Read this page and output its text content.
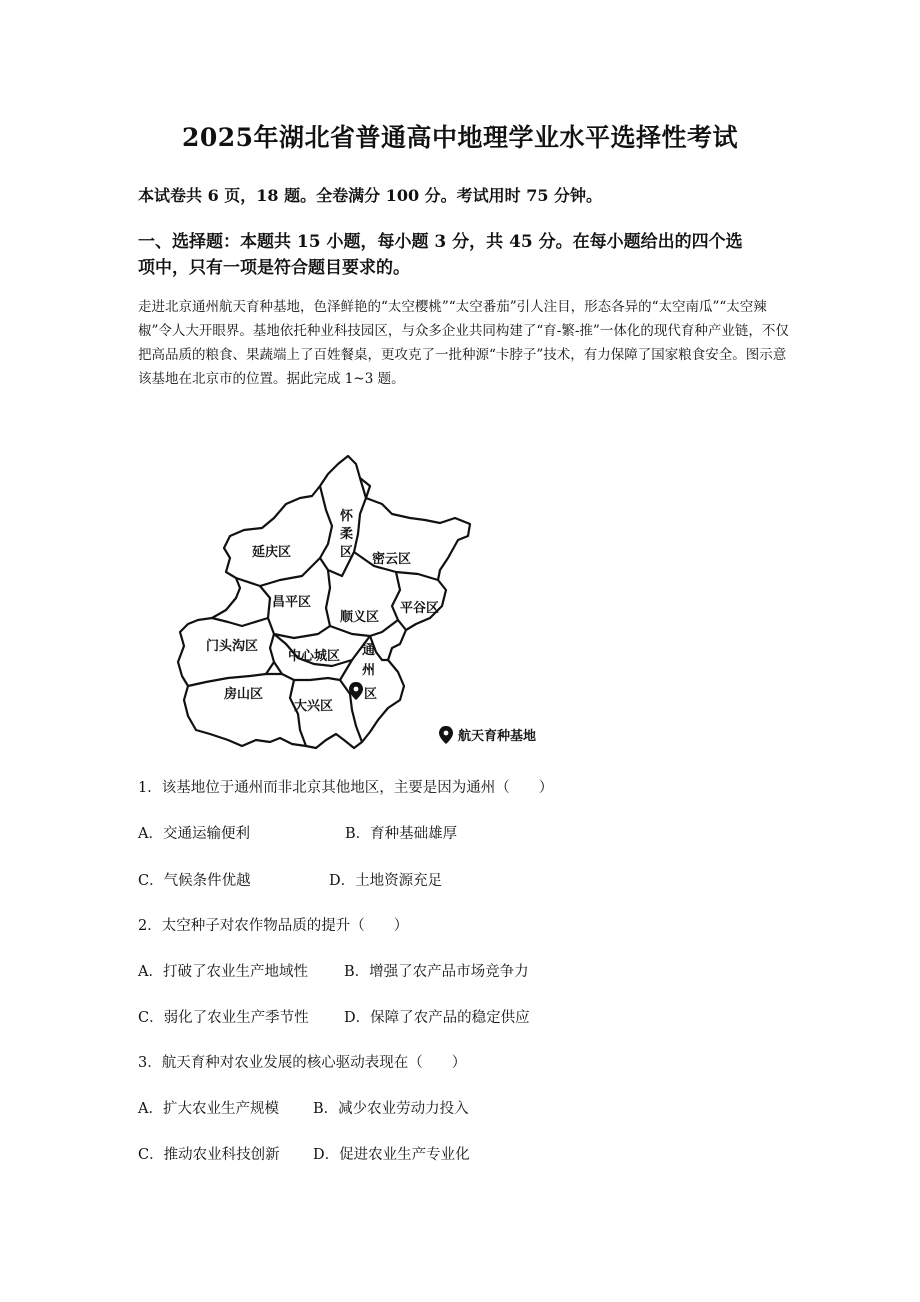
2025年湖北省普通高中地理学业水平选择性考试
本试卷共 6 页，18 题。全卷满分 100 分。考试用时 75 分钟。
一、选择题：本题共 15 小题，每小题 3 分，共 45 分。在每小题给出的四个选
项中，只有一项是符合题目要求的。
走进北京通州航天育种基地，色泽鲜艳的“太空樱桃”“太空番茄”引人注目，形态各异的“太空南瓜”“太空辣椒”令人大开眼界。基地依托种业科技园区，与众多企业共同构建了“育-繁-推”一体化的现代育种产业链，不仅把高品质的粮食、果蔬端上了百姓餐桌，更攻克了一批种源“卡脖子”技术，有力保障了国家粮食安全。图示意该基地在北京市的位置。据此完成 1~3 题。
怀
柔
区
延庆区	密云区
昌平区
顺义区
平谷区
门头沟区
中心城区 通
州
区
房山区
大兴区
航天育种基地
1．该基地位于通州而非北京其他地区，主要是因为通州（　　）
A．交通运输便利	B．育种基础雄厚
C．气候条件优越	D．土地资源充足
2．太空种子对农作物品质的提升（　　）
A．打破了农业生产地域性 B．增强了农产品市场竞争力
C．弱化了农业生产季节性 D．保障了农产品的稳定供应
3．航天育种对农业发展的核心驱动表现在（　　）
A．扩大农业生产规模 B．减少农业劳动力投入
C．推动农业科技创新 D．促进农业生产专业化
